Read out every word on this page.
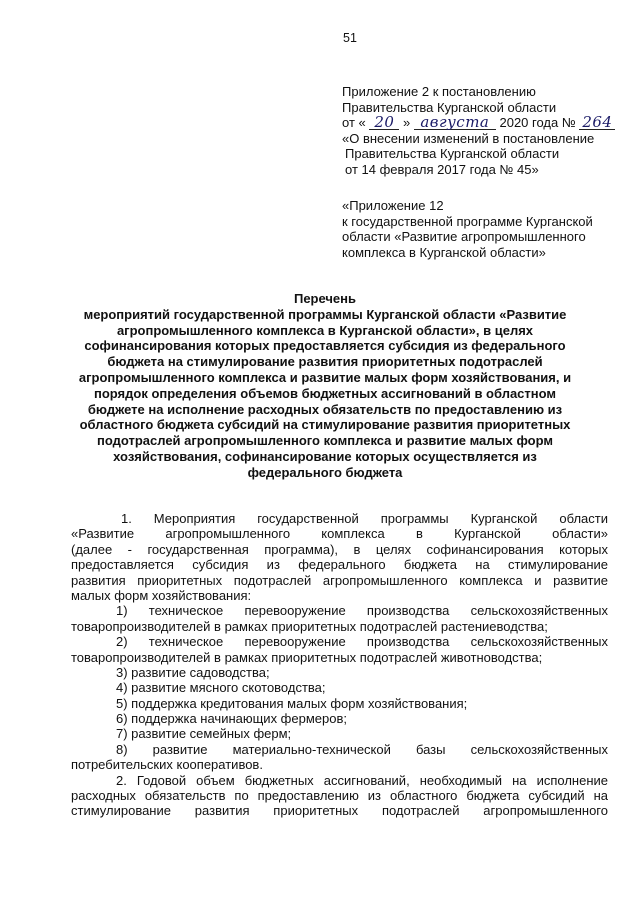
51
Приложение 2 к постановлению
Правительства Курганской области
от « 20 » августа 2020 года № 264
«О внесении изменений в постановление
Правительства Курганской области
от 14 февраля 2017 года № 45»
«Приложение 12
к государственной программе Курганской
области «Развитие агропромышленного
комплекса в Курганской области»
Перечень
мероприятий государственной программы Курганской области «Развитие
агропромышленного комплекса в Курганской области», в целях
софинансирования которых предоставляется субсидия из федерального
бюджета на стимулирование развития приоритетных подотраслей
агропромышленного комплекса и развитие малых форм хозяйствования, и
порядок определения объемов бюджетных ассигнований в областном
бюджете на исполнение расходных обязательств по предоставлению из
областного бюджета субсидий на стимулирование развития приоритетных
подотраслей агропромышленного комплекса и развитие малых форм
хозяйствования, софинансирование которых осуществляется из
федерального бюджета
1. Мероприятия государственной программы Курганской области
«Развитие агропромышленного комплекса в Курганской области»
(далее - государственная программа), в целях софинансирования которых
предоставляется субсидия из федерального бюджета на стимулирование
развития приоритетных подотраслей агропромышленного комплекса и развитие
малых форм хозяйствования:
1) техническое перевооружение производства сельскохозяйственных
товаропроизводителей в рамках приоритетных подотраслей растениеводства;
2) техническое перевооружение производства сельскохозяйственных
товаропроизводителей в рамках приоритетных подотраслей животноводства;
3) развитие садоводства;
4) развитие мясного скотоводства;
5) поддержка кредитования малых форм хозяйствования;
6) поддержка начинающих фермеров;
7) развитие семейных ферм;
8) развитие материально-технической базы сельскохозяйственных
потребительских кооперативов.
2. Годовой объем бюджетных ассигнований, необходимый на исполнение
расходных обязательств по предоставлению из областного бюджета субсидий на
стимулирование развития приоритетных подотраслей агропромышленного
